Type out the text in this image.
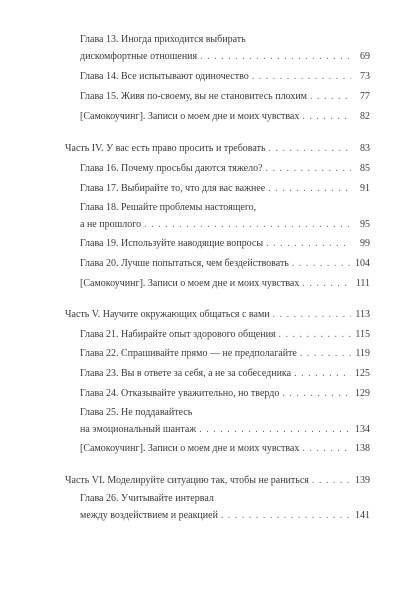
Глава 13. Иногда приходится выбирать
дискомфортные отношения . . .	69
Глава 14. Все испытывают одиночество . . .	73
Глава 15. Живя по-своему, вы не становитесь плохим . . .	77
[Самокоучинг]. Записи о моем дне и моих чувствах . . .	82
Часть IV. У вас есть право просить и требовать . . .	83
Глава 16. Почему просьбы даются тяжело? . . .	85
Глава 17. Выбирайте то, что для вас важнее . . .	91
Глава 18. Решайте проблемы настоящего,
а не прошлого . . .	95
Глава 19. Используйте наводящие вопросы . . .	99
Глава 20. Лучше попытаться, чем бездействовать . . .	104
[Самокоучинг]. Записи о моем дне и моих чувствах . . .	111
Часть V. Научите окружающих общаться с вами . . .	113
Глава 21. Набирайте опыт здорового общения . . .	115
Глава 22. Спрашивайте прямо — не предполагайте . . .	119
Глава 23. Вы в ответе за себя, а не за собеседника . . .	125
Глава 24. Отказывайте уважительно, но твердо . . .	129
Глава 25. Не поддавайтесь
на эмоциональный шантаж . . .	134
[Самокоучинг]. Записи о моем дне и моих чувствах . . .	138
Часть VI. Моделируйте ситуацию так, чтобы не раниться . . .	139
Глава 26. Учитывайте интервал
между воздействием и реакцией . . .	141
